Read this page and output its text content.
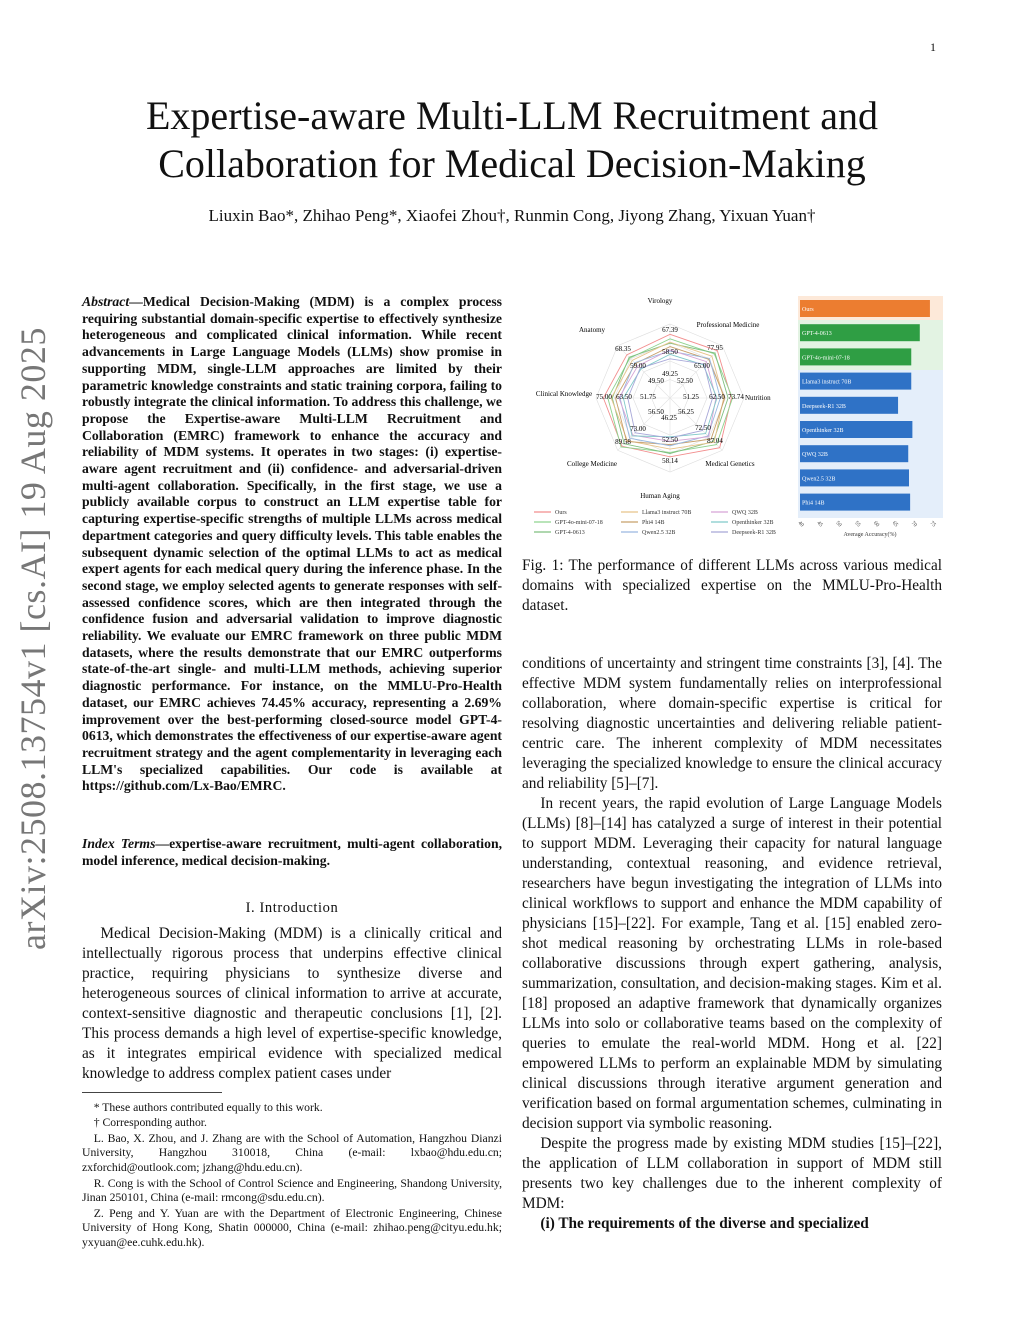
1
arXiv:2508.13754v1 [cs.AI] 19 Aug 2025
Expertise-aware Multi-LLM Recruitment and Collaboration for Medical Decision-Making
Liuxin Bao*, Zhihao Peng*, Xiaofei Zhou†, Runmin Cong, Jiyong Zhang, Yixuan Yuan†
Abstract—Medical Decision-Making (MDM) is a complex process requiring substantial domain-specific expertise to effectively synthesize heterogeneous and complicated clinical information. While recent advancements in Large Language Models (LLMs) show promise in supporting MDM, single-LLM approaches are limited by their parametric knowledge constraints and static training corpora, failing to robustly integrate the clinical information. To address this challenge, we propose the Expertise-aware Multi-LLM Recruitment and Collaboration (EMRC) framework to enhance the accuracy and reliability of MDM systems. It operates in two stages: (i) expertise-aware agent recruitment and (ii) confidence- and adversarial-driven multi-agent collaboration. Specifically, in the first stage, we use a publicly available corpus to construct an LLM expertise table for capturing expertise-specific strengths of multiple LLMs across medical department categories and query difficulty levels. This table enables the subsequent dynamic selection of the optimal LLMs to act as medical expert agents for each medical query during the inference phase. In the second stage, we employ selected agents to generate responses with self-assessed confidence scores, which are then integrated through the confidence fusion and adversarial validation to improve diagnostic reliability. We evaluate our EMRC framework on three public MDM datasets, where the results demonstrate that our EMRC outperforms state-of-the-art single- and multi-LLM methods, achieving superior diagnostic performance. For instance, on the MMLU-Pro-Health dataset, our EMRC achieves 74.45% accuracy, representing a 2.69% improvement over the best-performing closed-source model GPT-4-0613, which demonstrates the effectiveness of our expertise-aware agent recruitment strategy and the agent complementarity in leveraging each LLM's specialized capabilities. Our code is available at https://github.com/Lx-Bao/EMRC.
Index Terms—expertise-aware recruitment, multi-agent collaboration, model inference, medical decision-making.
I. Introduction
Medical Decision-Making (MDM) is a clinically critical and intellectually rigorous process that underpins effective clinical practice, requiring physicians to synthesize diverse and heterogeneous sources of clinical information to arrive at accurate, context-sensitive diagnostic and therapeutic conclusions [1], [2]. This process demands a high level of expertise-specific knowledge, as it integrates empirical evidence with specialized medical knowledge to address complex patient cases under
* These authors contributed equally to this work.
† Corresponding author.
L. Bao, X. Zhou, and J. Zhang are with the School of Automation, Hangzhou Dianzi University, Hangzhou 310018, China (e-mail: lxbao@hdu.edu.cn; zxforchid@outlook.com; jzhang@hdu.edu.cn).
R. Cong is with the School of Control Science and Engineering, Shandong University, Jinan 250101, China (e-mail: rmcong@sdu.edu.cn).
Z. Peng and Y. Yuan are with the Department of Electronic Engineering, Chinese University of Hong Kong, Shatin 000000, China (e-mail: zhihao.peng@cityu.edu.hk; yxyuan@ee.cuhk.edu.hk).
Virology
Professional Medicine
Nutrition
Medical Genetics
Human Aging
College Medicine
Clinical Knowledge
Anatomy	67.39
77.95
73.74
87.04
58.14
89.58
75.00
68.35	58.50
65.00
62.50
72.50
52.50
73.00
63.50
59.00
49.25
52.50
51.25
56.25
46.25
56.50
51.75
49.50
Ours
GPT-4o-mini-07-18
GPT-4-0613
Llama3 instruct 70B
Phi4 14B
Qwen2.5 32B
QWQ 32B
Openthinker 32B
Deepseek-R1 32B
Ours
GPT-4-0613
GPT-4o-mini-07-18
Llama3 instruct 70B
Deepseek-R1 32B
Openthinker 32B
QWQ 32B
Qwen2.5 32B
Phi4 14B
40 45 50 55 60 65 70 75
Average Accuracy(%)
Fig. 1: The performance of different LLMs across various medical domains with specialized expertise on the MMLU-Pro-Health dataset.

conditions of uncertainty and stringent time constraints [3], [4]. The effective MDM system fundamentally relies on interprofessional collaboration, where domain-specific expertise is critical for resolving diagnostic uncertainties and delivering reliable patient-centric care. The inherent complexity of MDM necessitates leveraging the specialized knowledge to ensure the clinical accuracy and reliability [5]–[7].

In recent years, the rapid evolution of Large Language Models (LLMs) [8]–[14] has catalyzed a surge of interest in their potential to support MDM. Leveraging their capacity for natural language understanding, contextual reasoning, and evidence retrieval, researchers have begun investigating the integration of LLMs into clinical workflows to support and enhance the MDM capability of physicians [15]–[22]. For example, Tang et al. [15] enabled zero-shot medical reasoning by orchestrating LLMs in role-based collaborative discussions through expert gathering, analysis, summarization, consultation, and decision-making stages. Kim et al. [18] proposed an adaptive framework that dynamically organizes LLMs into solo or collaborative teams based on the complexity of queries to emulate the real-world MDM. Hong et al. [22] empowered LLMs to perform an explainable MDM by simulating clinical discussions through iterative argument generation and verification based on formal argumentation schemes, culminating in decision support via symbolic reasoning.

Despite the progress made by existing MDM studies [15]–[22], the application of LLM collaboration in support of MDM still presents two key challenges due to the inherent complexity of MDM:

(i) The requirements of the diverse and specialized
